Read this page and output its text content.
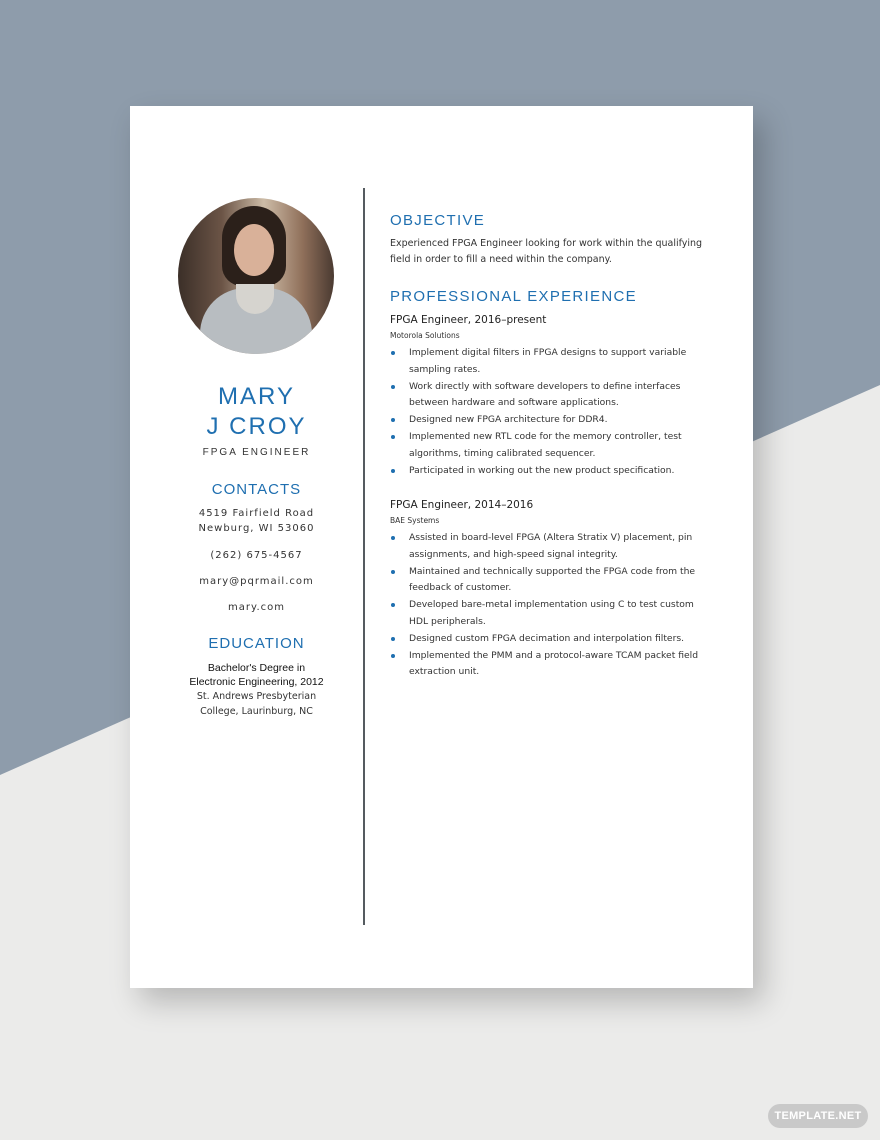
MARY
J CROY
FPGA ENGINEER
CONTACTS
4519 Fairfield Road
Newburg, WI 53060
(262) 675-4567
mary@pqrmail.com
mary.com
EDUCATION
Bachelor's Degree in
Electronic Engineering, 2012
St. Andrews Presbyterian
College, Laurinburg, NC
OBJECTIVE
Experienced FPGA Engineer looking for work within the qualifying field in order to fill a need within the company.
PROFESSIONAL EXPERIENCE
FPGA Engineer, 2016–present
Motorola Solutions
Implement digital filters in FPGA designs to support variable sampling rates.
Work directly with software developers to define interfaces between hardware and software applications.
Designed new FPGA architecture for DDR4.
Implemented new RTL code for the memory controller, test algorithms, timing calibrated sequencer.
Participated in working out the new product specification.
FPGA Engineer, 2014–2016
BAE Systems
Assisted in board-level FPGA (Altera Stratix V) placement, pin assignments, and high-speed signal integrity.
Maintained and technically supported the FPGA code from the feedback of customer.
Developed bare-metal implementation using C to test custom HDL peripherals.
Designed custom FPGA decimation and interpolation filters.
Implemented the PMM and a protocol-aware TCAM packet field extraction unit.
TEMPLATE.NET
